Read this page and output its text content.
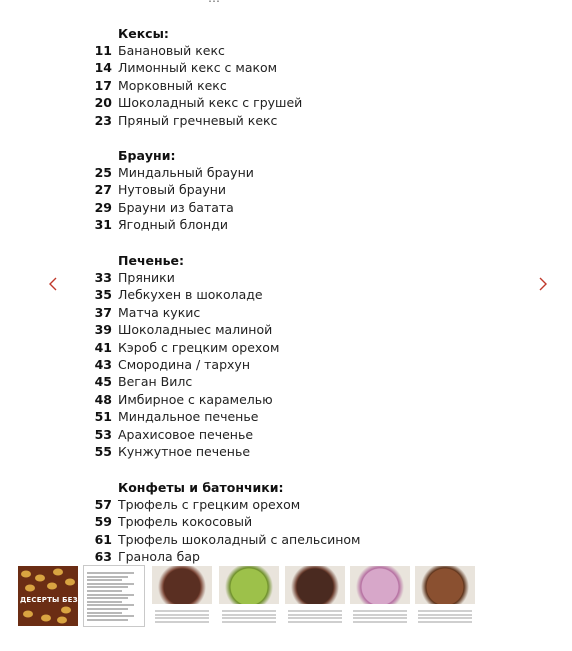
Кексы:
11 Банановый кекс
14 Лимонный кекс с маком
17 Морковный кекс
20 Шоколадный кекс с грушей
23 Пряный гречневый кекс
Брауни:
25 Миндальный брауни
27 Нутовый брауни
29 Брауни из батата
31 Ягодный блонди
Печенье:
33 Пряники
35 Лебкухен в шоколаде
37 Матча кукис
39 Шоколадныес малиной
41 Кэроб с грецким орехом
43 Смородина / тархун
45 Веган Вилс
48 Имбирное с карамелью
51 Миндальное печенье
53 Арахисовое печенье
55 Кунжутное печенье
Конфеты и батончики:
57 Трюфель с грецким орехом
59 Трюфель кокосовый
61 Трюфель шоколадный с апельсином
63 Гранола бар
ДЕСЕРТЫ БЕЗ
